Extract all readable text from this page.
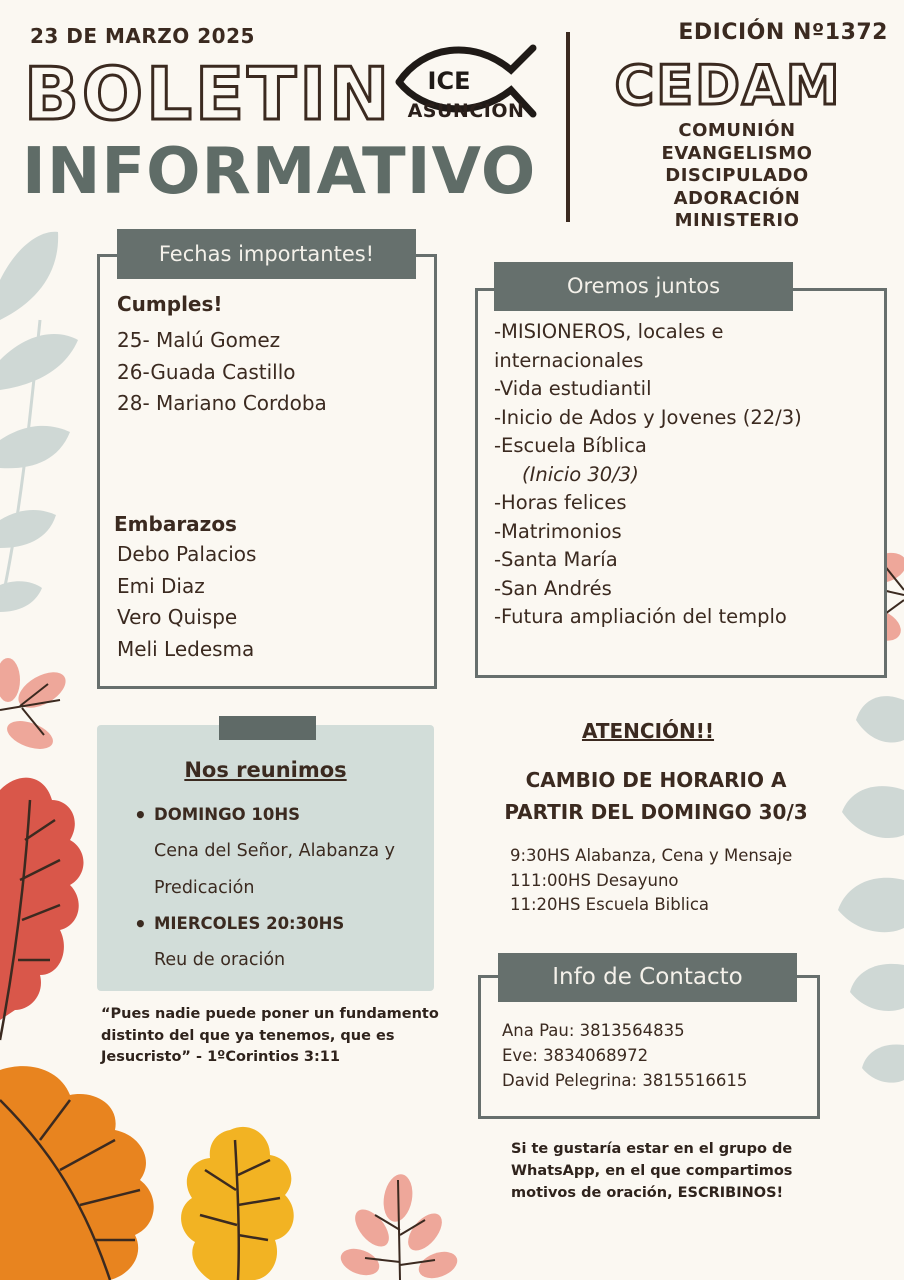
23 DE MARZO 2025
BOLETIN
INFORMATIVO
ICE
ASUNCIÓN
EDICIÓN Nº1372
CEDAM
COMUNIÓN
EVANGELISMO
DISCIPULADO
ADORACIÓN
MINISTERIO
Fechas importantes!
Cumples!
25- Malú Gomez
26-Guada Castillo
28- Mariano Cordoba
Embarazos
Debo Palacios
Emi Diaz
Vero Quispe
Meli Ledesma
Oremos juntos
-MISIONEROS, locales e
internacionales
-Vida estudiantil
-Inicio de Ados y Jovenes (22/3)
-Escuela Bíblica
(Inicio 30/3)
-Horas felices
-Matrimonios
-Santa María
-San Andrés
-Futura ampliación del templo
Nos reunimos
• DOMINGO 10HS
Cena del Señor, Alabanza y
Predicación
• MIERCOLES 20:30HS
Reu de oración
“Pues nadie puede poner un fundamento distinto del que ya tenemos, que es Jesucristo” - 1ºCorintios 3:11
ATENCIÓN!!
CAMBIO DE HORARIO A
PARTIR DEL DOMINGO 30/3
9:30HS Alabanza, Cena y Mensaje
111:00HS Desayuno
11:20HS Escuela Biblica
Info de Contacto
Ana Pau: 3813564835
Eve: 3834068972
David Pelegrina: 3815516615
Si te gustaría estar en el grupo de WhatsApp, en el que compartimos motivos de oración, ESCRIBINOS!
